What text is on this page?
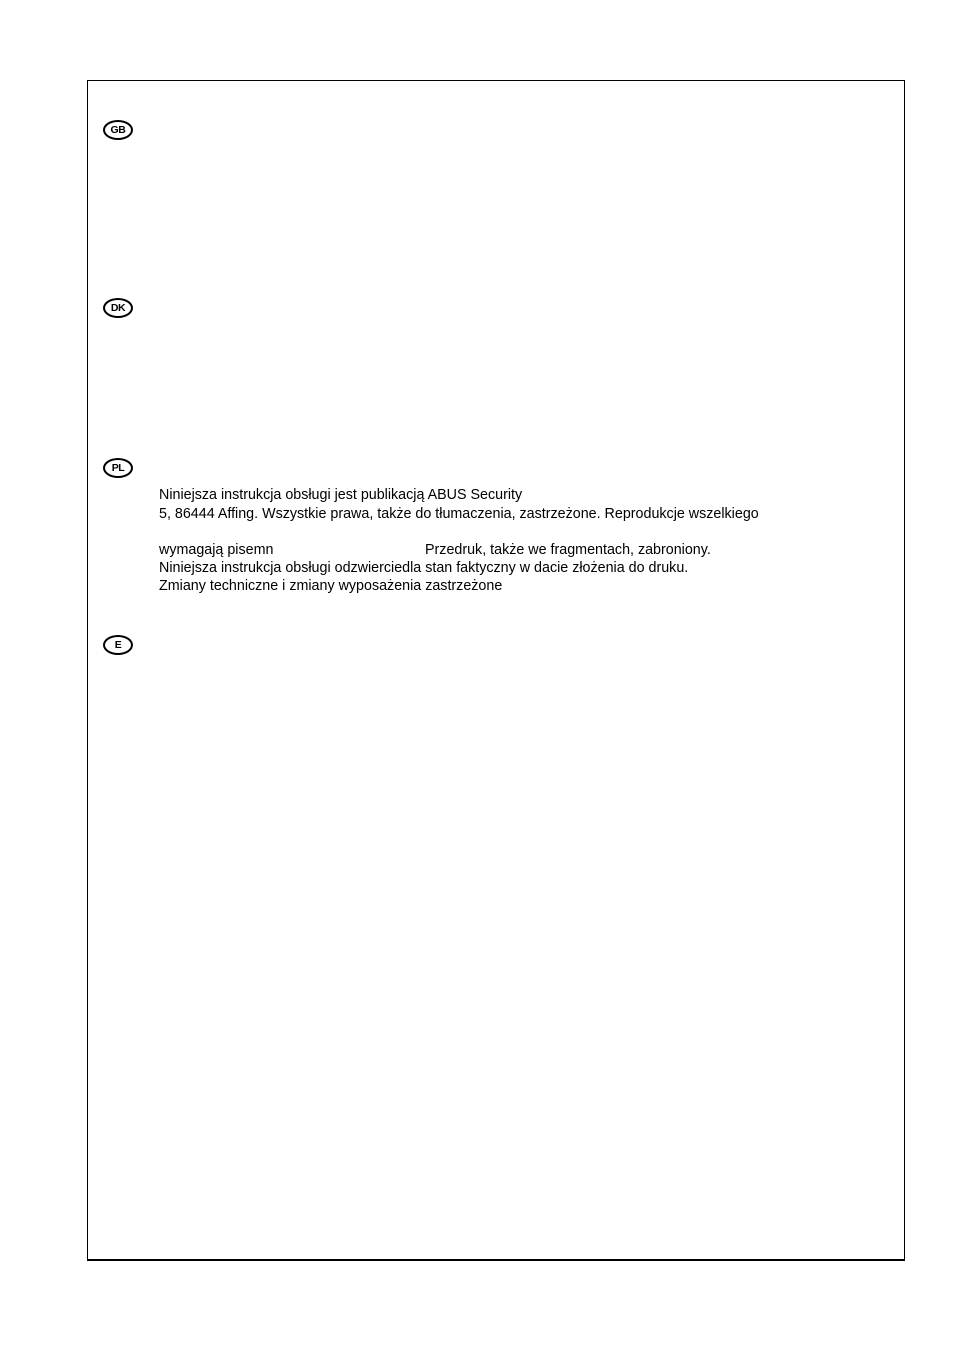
GB
DK
PL
E
Niniejsza instrukcja obsługi jest publikacją ABUS Security
5, 86444 Affing. Wszystkie prawa, także do tłumaczenia, zastrzeżone. Reprodukcje wszelkiego
wymagają pisemn	Przedruk, także we fragmentach, zabroniony.
Niniejsza instrukcja obsługi odzwierciedla stan faktyczny w dacie złożenia do druku.
Zmiany techniczne i zmiany wyposażenia zastrzeżone
